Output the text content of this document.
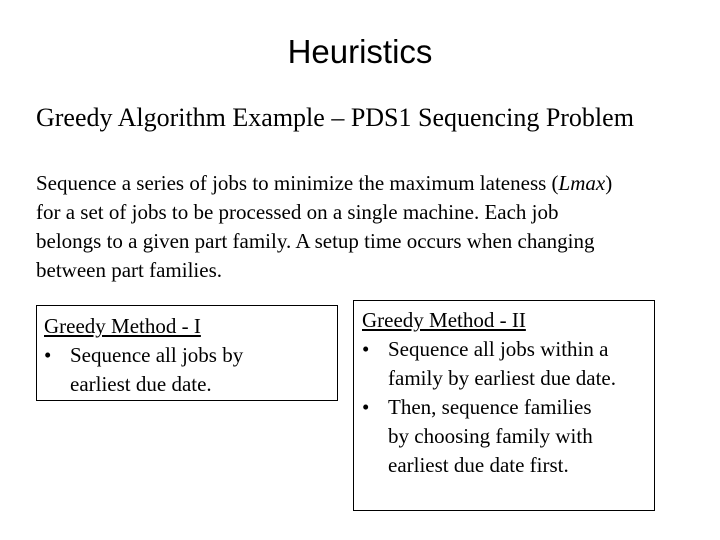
Heuristics
Greedy Algorithm Example – PDS1 Sequencing Problem

Sequence a series of jobs to minimize the maximum lateness (Lmax)

for a set of jobs to be processed on a single machine. Each job

belongs to a given part family. A setup time occurs when changing

between part families.

Greedy Method - I
• Sequence all jobs by
earliest due date.
Greedy Method - II
• Sequence all jobs within a
family by earliest due date.
• Then, sequence families
by choosing family with
earliest due date first.
